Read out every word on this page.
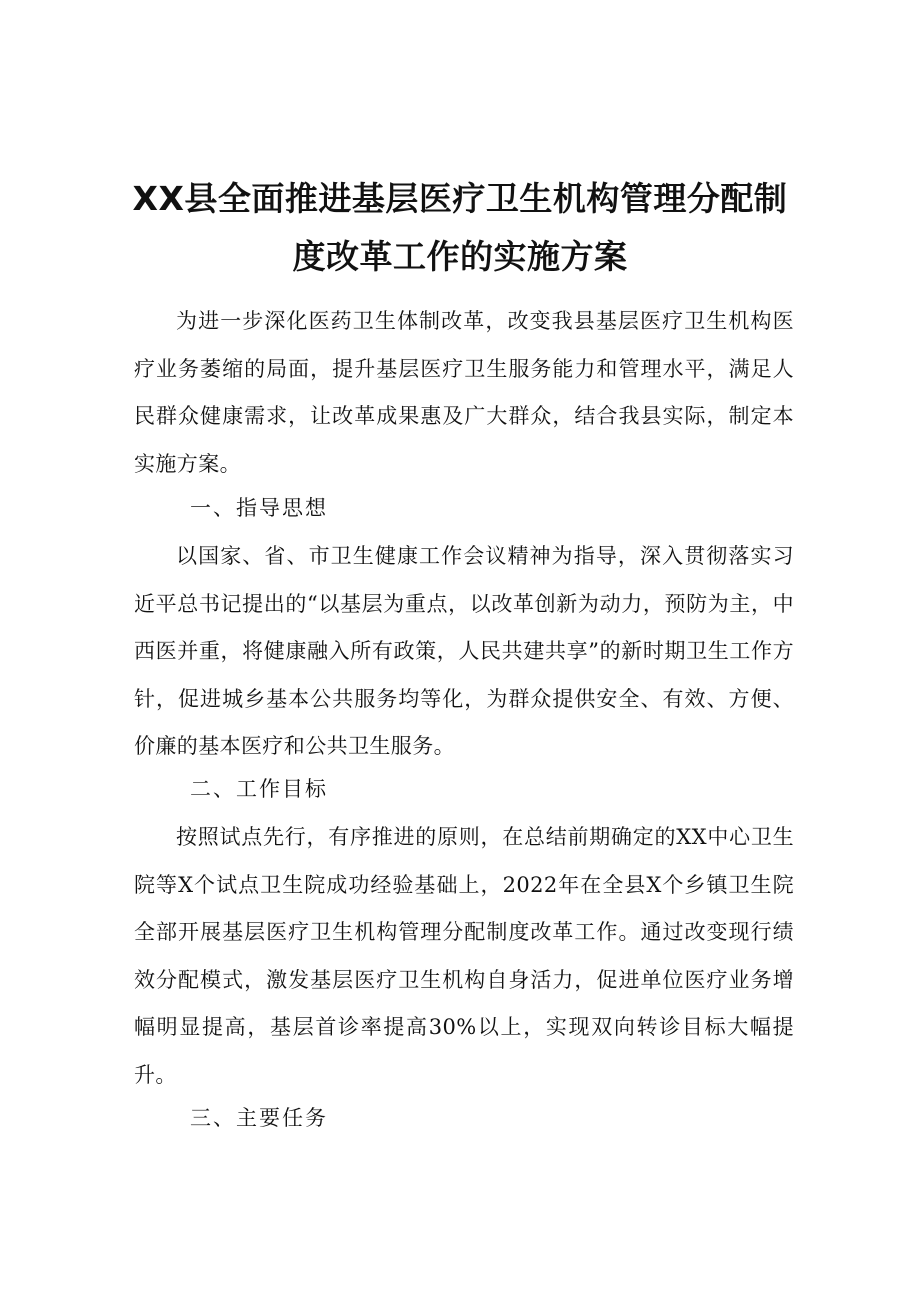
XX县全面推进基层医疗卫生机构管理分配制
度改革工作的实施方案

为进一步深化医药卫生体制改革，改变我县基层医疗卫生机构医疗业务萎缩的局面，提升基层医疗卫生服务能力和管理水平，满足人民群众健康需求，让改革成果惠及广大群众，结合我县实际，制定本实施方案。

一、指导思想

以国家、省、市卫生健康工作会议精神为指导，深入贯彻落实习近平总书记提出的“以基层为重点，以改革创新为动力，预防为主，中西医并重，将健康融入所有政策，人民共建共享”的新时期卫生工作方针，促进城乡基本公共服务均等化，为群众提供安全、有效、方便、价廉的基本医疗和公共卫生服务。

二、工作目标

按照试点先行，有序推进的原则，在总结前期确定的XX中心卫生院等X个试点卫生院成功经验基础上，2022年在全县X个乡镇卫生院全部开展基层医疗卫生机构管理分配制度改革工作。通过改变现行绩效分配模式，激发基层医疗卫生机构自身活力，促进单位医疗业务增幅明显提高，基层首诊率提高30%以上，实现双向转诊目标大幅提升。

三、主要任务
